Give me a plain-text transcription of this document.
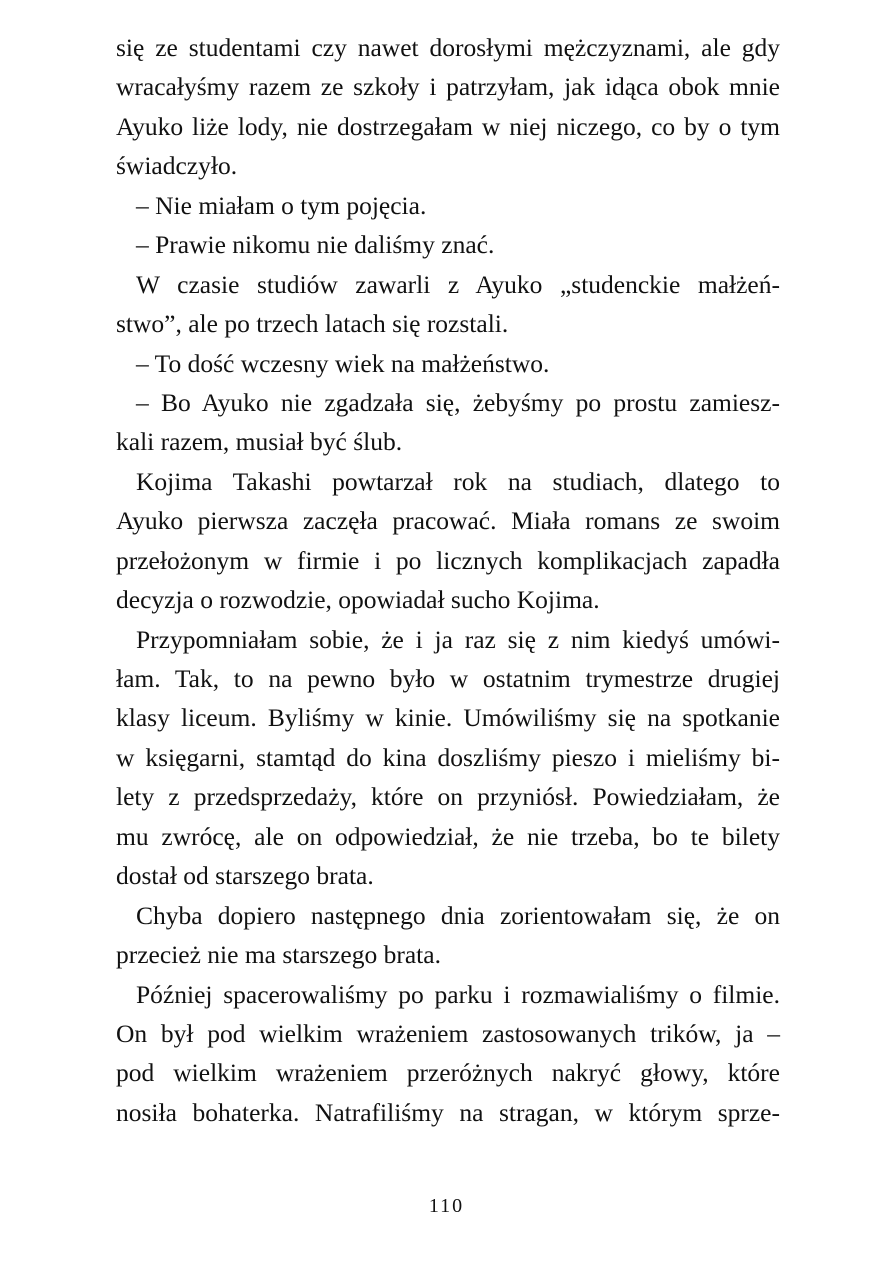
się ze studentami czy nawet dorosłymi mężczyznami, ale gdy
wracałyśmy razem ze szkoły i patrzyłam, jak idąca obok mnie
Ayuko liże lody, nie dostrzegałam w niej niczego, co by o tym
świadczyło.
– Nie miałam o tym pojęcia.
– Prawie nikomu nie daliśmy znać.
W czasie studiów zawarli z Ayuko „studenckie małżeń-
stwo”, ale po trzech latach się rozstali.
– To dość wczesny wiek na małżeństwo.
– Bo Ayuko nie zgadzała się, żebyśmy po prostu zamiesz-
kali razem, musiał być ślub.
Kojima Takashi powtarzał rok na studiach, dlatego to
Ayuko pierwsza zaczęła pracować. Miała romans ze swoim
przełożonym w firmie i po licznych komplikacjach zapadła
decyzja o rozwodzie, opowiadał sucho Kojima.
Przypomniałam sobie, że i ja raz się z nim kiedyś umówi-
łam. Tak, to na pewno było w ostatnim trymestrze drugiej
klasy liceum. Byliśmy w kinie. Umówiliśmy się na spotkanie
w księgarni, stamtąd do kina doszliśmy pieszo i mieliśmy bi-
lety z przedsprzedaży, które on przyniósł. Powiedziałam, że
mu zwrócę, ale on odpowiedział, że nie trzeba, bo te bilety
dostał od starszego brata.
Chyba dopiero następnego dnia zorientowałam się, że on
przecież nie ma starszego brata.
Później spacerowaliśmy po parku i rozmawialiśmy o filmie.
On był pod wielkim wrażeniem zastosowanych trików, ja –
pod wielkim wrażeniem przeróżnych nakryć głowy, które
nosiła bohaterka. Natrafiliśmy na stragan, w którym sprze-
110
